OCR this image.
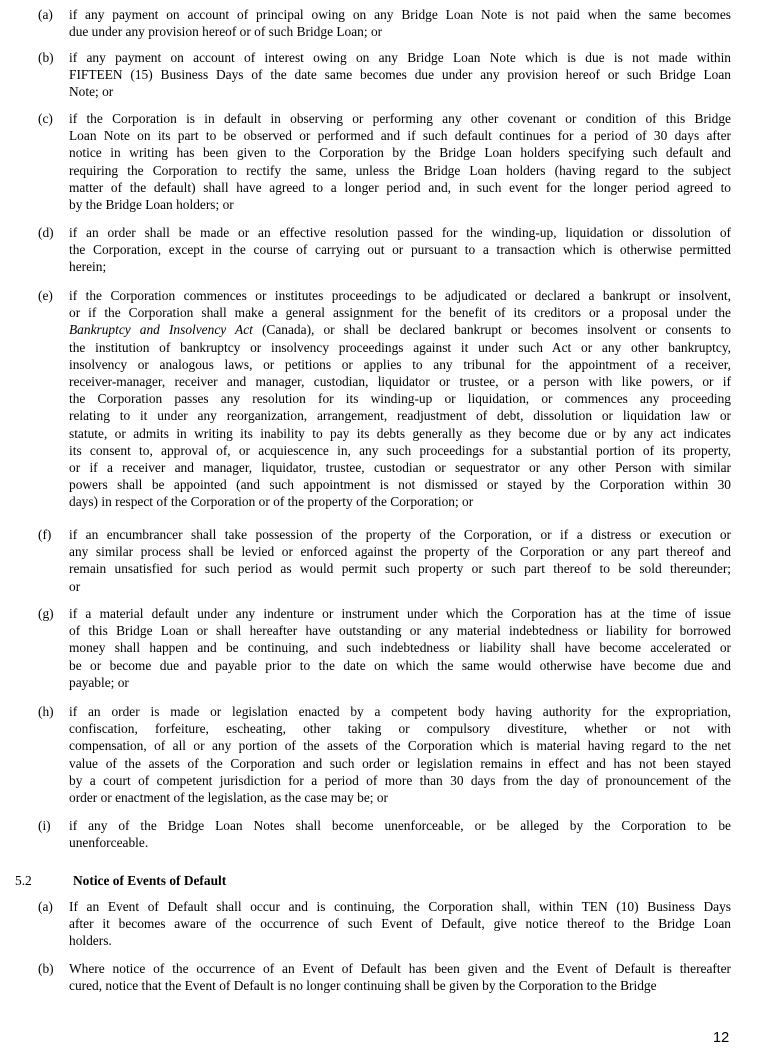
(a) if any payment on account of principal owing on any Bridge Loan Note is not paid when the same becomes
due under any provision hereof or of such Bridge Loan; or
(b) if any payment on account of interest owing on any Bridge Loan Note which is due is not made within
FIFTEEN (15) Business Days of the date same becomes due under any provision hereof or such Bridge Loan
Note; or
(c) if the Corporation is in default in observing or performing any other covenant or condition of this Bridge
Loan Note on its part to be observed or performed and if such default continues for a period of 30 days after
notice in writing has been given to the Corporation by the Bridge Loan holders specifying such default and
requiring the Corporation to rectify the same, unless the Bridge Loan holders (having regard to the subject
matter of the default) shall have agreed to a longer period and, in such event for the longer period agreed to
by the Bridge Loan holders; or
(d) if an order shall be made or an effective resolution passed for the winding-up, liquidation or dissolution of
the Corporation, except in the course of carrying out or pursuant to a transaction which is otherwise permitted
herein;
(e) if the Corporation commences or institutes proceedings to be adjudicated or declared a bankrupt or insolvent,
or if the Corporation shall make a general assignment for the benefit of its creditors or a proposal under the
Bankruptcy and Insolvency Act (Canada), or shall be declared bankrupt or becomes insolvent or consents to
the institution of bankruptcy or insolvency proceedings against it under such Act or any other bankruptcy,
insolvency or analogous laws, or petitions or applies to any tribunal for the appointment of a receiver,
receiver-manager, receiver and manager, custodian, liquidator or trustee, or a person with like powers, or if
the Corporation passes any resolution for its winding-up or liquidation, or commences any proceeding
relating to it under any reorganization, arrangement, readjustment of debt, dissolution or liquidation law or
statute, or admits in writing its inability to pay its debts generally as they become due or by any act indicates
its consent to, approval of, or acquiescence in, any such proceedings for a substantial portion of its property,
or if a receiver and manager, liquidator, trustee, custodian or sequestrator or any other Person with similar
powers shall be appointed (and such appointment is not dismissed or stayed by the Corporation within 30
days) in respect of the Corporation or of the property of the Corporation; or
(f) if an encumbrancer shall take possession of the property of the Corporation, or if a distress or execution or
any similar process shall be levied or enforced against the property of the Corporation or any part thereof and
remain unsatisfied for such period as would permit such property or such part thereof to be sold thereunder;
or
(g) if a material default under any indenture or instrument under which the Corporation has at the time of issue
of this Bridge Loan or shall hereafter have outstanding or any material indebtedness or liability for borrowed
money shall happen and be continuing, and such indebtedness or liability shall have become accelerated or
be or become due and payable prior to the date on which the same would otherwise have become due and
payable; or
(h) if an order is made or legislation enacted by a competent body having authority for the expropriation,
confiscation, forfeiture, escheating, other taking or compulsory divestiture, whether or not with
compensation, of all or any portion of the assets of the Corporation which is material having regard to the net
value of the assets of the Corporation and such order or legislation remains in effect and has not been stayed
by a court of competent jurisdiction for a period of more than 30 days from the day of pronouncement of the
order or enactment of the legislation, as the case may be; or
(i) if any of the Bridge Loan Notes shall become unenforceable, or be alleged by the Corporation to be
unenforceable.
5.2	Notice of Events of Default
(a) If an Event of Default shall occur and is continuing, the Corporation shall, within TEN (10) Business Days
after it becomes aware of the occurrence of such Event of Default, give notice thereof to the Bridge Loan
holders.
(b) Where notice of the occurrence of an Event of Default has been given and the Event of Default is thereafter
cured, notice that the Event of Default is no longer continuing shall be given by the Corporation to the Bridge
12
